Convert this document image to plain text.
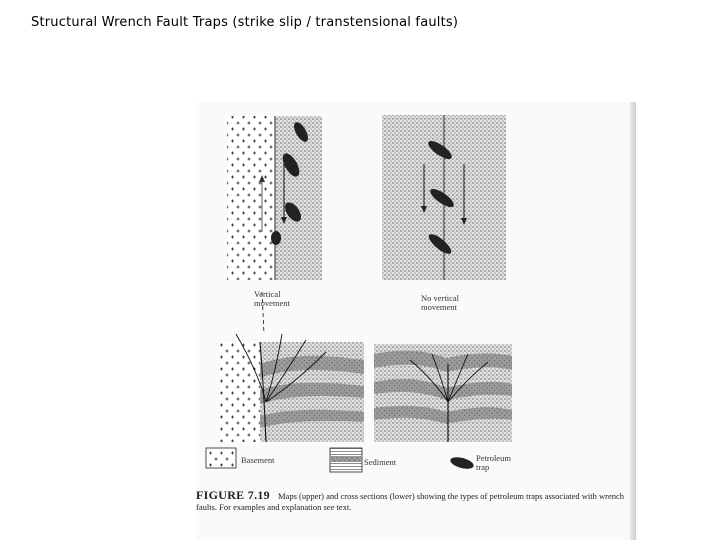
Structural Wrench Fault Traps (strike slip / transtensional faults)
Vertical movement	No vertical movement
Basement	Sediment	Petroleum trap
FIGURE 7.19 Maps (upper) and cross sections (lower) showing the types of petroleum traps associated with wrench faults. For examples and explanation see text.
